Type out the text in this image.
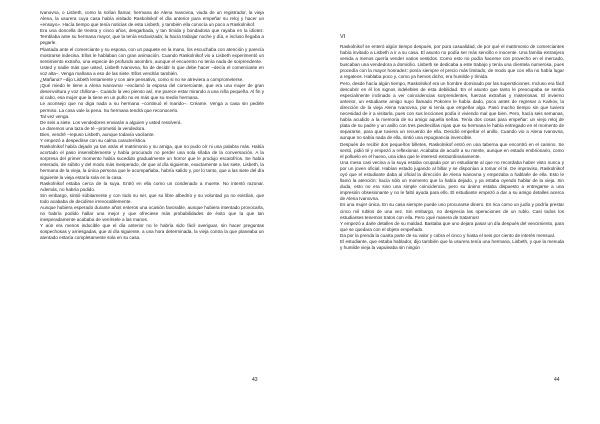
Ivanovna, o Lisbeth, como la solían llamar, hermana de Alena Ivanovna, viuda de un registrador, la vieja Alena, la usurera cuya casa había visitado Raskolnikof el día anterior para empeñar su reloj y hacer un «ensayo». Hacía tiempo que tenía noticias de esta Lisbeth, y también ella conocía un poco a Raskolnikof.

Era una doncella de treinta y cinco años, desgarbada, y tan tímida y bondadosa que rayaba en la idiotez. Temblaba ante su hermana mayor, que la tenía esclavizada; la hacía trabajar noche y día, e incluso llegaba a pegarle.

Plantada ante el comerciante y su esposa, con un paquete en la mano, los escuchaba con atención y parecía mostrarse indecisa. Ellos le hablaban con gran animación. Cuando Raskolnikof vio a Lisbeth experimentó un sentimiento extraño, una especie de profundo asombro, aunque el encuentro no tenía nada de sorprendente.

Usted y nadie más que usted, Lisbeth Ivanovna, ha de decidir lo que debe hacer –decía el comerciante en voz alta–. Venga mañana a eso de las siete. Ellos vendrán también.

¿Mañana? –dijo Lisbeth lentamente y con aire pensativo, como si no se atreviera a comprometerse.

¡Qué miedo le tiene a Alena Ivanovna! –exclamó la esposa del comerciante, que era una mujer de gran desenvoltura y voz chillona–. Cuando la veo pienso así, me parece estar mirando a una niña pequeña. Al fin y al cabo, esa mujer que la tiene en un puño no es más que su medio hermana.

Le aconsejo que no diga nada a su hermana –continuó el marido–. Créame. Venga a casa sin pedirle permiso. La cosa vale la pena. Su hermana tendrá que reconocerlo.

Tal vez venga.

De seis a siete. Los vendedores enviarán a alguien y usted resolverá.

Le daremos una taza de té –prometió la vendedora.

Bien, vendré –repuso Lisbeth, aunque todavía vacilante.

Y empezó a despedirse con su calma característica.

Raskolnikof había dejado ya tan atrás el matrimonio y su amiga, que no pudo oír ni una palabra más. Había acortado el paso insensiblemente y había procurado no perder una sola sílaba de la conversación. A la sorpresa del primer momento había sucedido gradualmente un horror que le produjo escalofríos. Se había enterado, de súbito y del modo más inesperado, de que al día siguiente, exactamente a las siete, Lisbeth, la hermana de la vieja, la única persona que le acompañaba, habría salido y, por lo tanto, que a las siete del día siguiente la vieja estaría sola en la casa.

Raskolnikof estaba cerca de la suya. Entró en ella como un condenado a muerte. No intentó razonar. Además, no habría podido.

Sin embargo, sintió súbitamente y con todo su ser, que su libre albedrío y su voluntad ya no existían, que todo acababa de decidirse irrevocablemente.

Aunque hubiera esperado durante años enteros una ocasión favorable, aunque hubiera intentado provocarla, no habría podido hallar una mejor y que ofreciese más probabilidades de éxito que la que tan inesperadamente acababa de venírsele a las manos.

Y aún era menos inducible que el día anterior no le habría sido fácil averiguar, sin hacer preguntas sospechosas y arriesgadas, que al día siguiente, a una hora determinada, la vieja contra la que planeaba un atentado estaría completamente sola en su casa.

43
VI

Raskolnikof se enteró algún tiempo después, por pura casualidad, de por qué el matrimonio de comerciantes había invitado a Lisbeth a ir a su casa. El asunto no podía ser más sencillo e inocente. Una familia extranjera venida a menos quería vender varios vestidos. Como esto no podía hacerse con provecho en el mercado, buscaban una vendedora a domicilio. Lisbeth se dedicaba a este trabajo y tenía una clientela numerosa, pues procedía con la mayor honradez: ponía siempre el precio más limitado, de modo que con ella no había lugar a regateos. Hablaba poco y, como ya hemos dicho, era humilde y tímida.

Pero, desde hacía algún tiempo, Raskolnikof era un hombre dominado por las supersticiones. Incluso era fácil descubrir en él los signos indelebles de esta debilidad. En el asunto que tanto le preocupaba se sentía especialmente inclinado a ver coincidencias sorprendentes, fuerzas extrañas y misteriosas. El invierno anterior, un estudiante amigo suyo llamado Pokorev le había dado, poco antes de regresar a Karkov, la dirección de la vieja Alena Ivanovna, por si tenía que empeñar algo. Pasó mucho tiempo sin que tuviera necesidad de ir a visitarla, pues con sus lecciones podía ir viviendo mal que bien. Pero, hacía seis semanas, había acudido a la memoria de su amigo aquella señas. Tenía dos cosas para empeñar: un viejo reloj de plata de su padre y un anillo con tres piedrecillas rojas que su hermana le había entregado en el momento de separarse, para que tuviera un recuerdo de ella. Decidió empeñar el anillo. Cuando vio a Alena Ivanovna, aunque no sabía nada de ella, sintió una repugnancia invencible.

Después de recibir dos pequeños billetes, Raskolnikof entró en una taberna que encontró en el camino. Se sentó, pidió té y empezó a reflexionar. Acababa de acudir a su mente, aunque en estado embrionario, como el polluelo en el huevo, una idea que le interesó extraordinariamente.

Una mesa casi vecina a la suya estaba ocupada por un estudiante al que no recordaba haber visto nunca y por un joven oficial. Habían estado jugando al billar y se disponían a tomar el té. De improviso, Raskolnikof oyó que el estudiante daba al oficial la dirección de Alena Ivanovna y empezaba a hablarle de ella. Esto le llamó la atención: hacía sólo un momento que la había dejado, y ya estaba oyendo hablar de la vieja. Sin duda, esto no era sino una simple coincidencia, pero su ánimo estaba dispuesto a entregarse a una impresión obsesionante y no le faltó ayuda para ello. El estudiante empezó a dar a su amigo detalles acerca de Alena Ivanovna.

Es una mujer única. En su casa siempre puede uno procurarse dinero. Es rica como un judío y podría prestar cinco mil rublos de una vez. Sin embargo, no desprecia las operaciones de un rublo. Casi todos los estudiantes tenemos tratos con ella. Pero ¡qué manera de tratarnos!

Y empezó a darle detalles de su maldad. Bastaba que uno dejara pasar un día después del vencimiento, para que se quedara con el objeto empeñado.

Da por la prenda la cuarta parte de su valor y cobra el cinco y hasta el seis por ciento de interés mensual.

El estudiante, que estaba hablador, dijo también que la usurera tenía una hermana, Lisbeth, y que la menuda y humilde vieja la vapuleaba sin ningún

44
